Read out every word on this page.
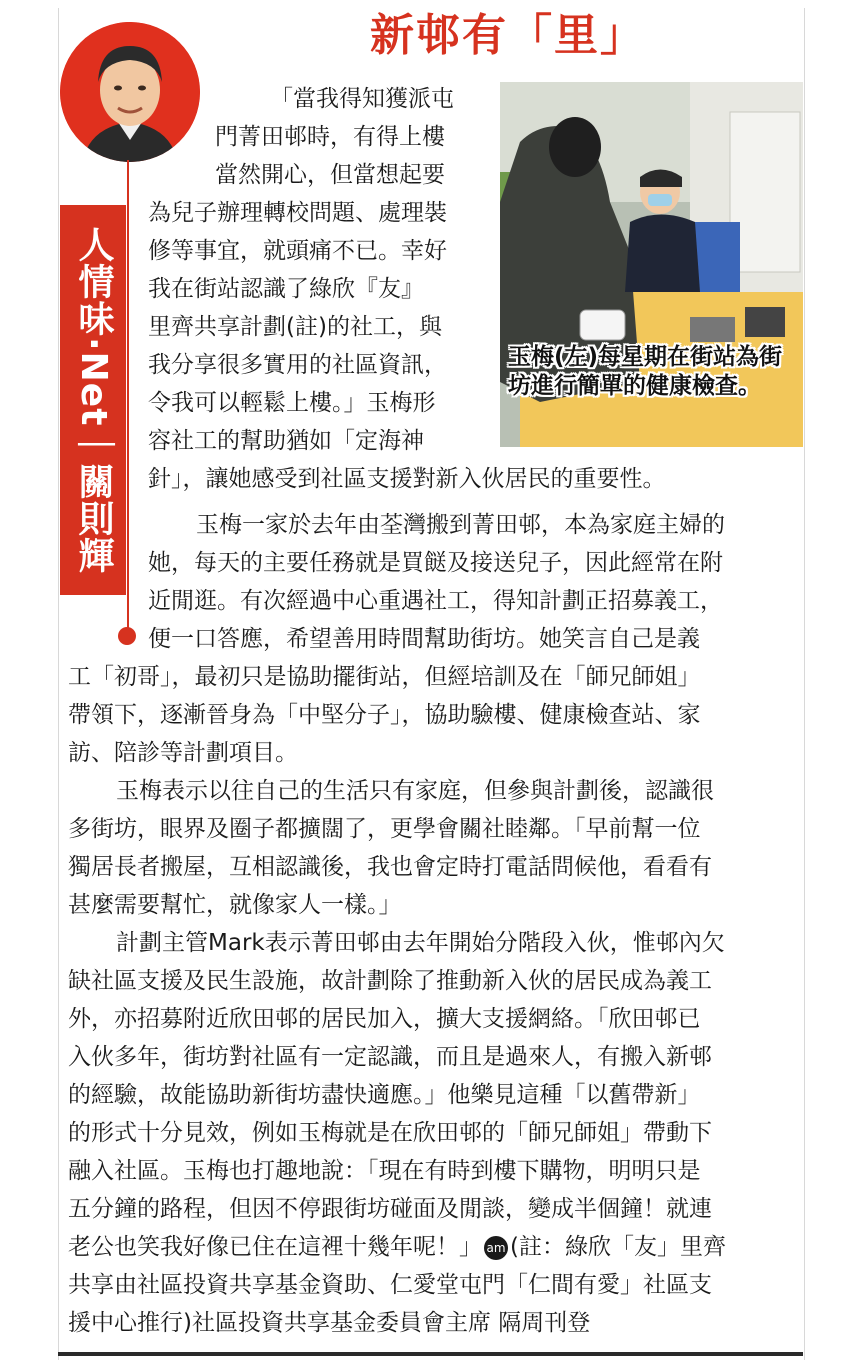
新邨有「里」
人情味·Net
｜
關則輝
玉梅(左)每星期在街站為街坊進行簡單的健康檢查。
「當我得知獲派屯
門菁田邨時，有得上樓
當然開心，但當想起要
為兒子辦理轉校問題、處理裝
修等事宜，就頭痛不已。幸好
我在街站認識了綠欣『友』
里齊共享計劃(註)的社工，與
我分享很多實用的社區資訊，
令我可以輕鬆上樓。」玉梅形
容社工的幫助猶如「定海神
針」，讓她感受到社區支援對新入伙居民的重要性。
玉梅一家於去年由荃灣搬到菁田邨，本為家庭主婦的
她，每天的主要任務就是買餸及接送兒子，因此經常在附
近閒逛。有次經過中心重遇社工，得知計劃正招募義工，
便一口答應，希望善用時間幫助街坊。她笑言自己是義
工「初哥」，最初只是協助擺街站，但經培訓及在「師兄師姐」
帶領下，逐漸晉身為「中堅分子」，協助驗樓、健康檢查站、家
訪、陪診等計劃項目。
玉梅表示以往自己的生活只有家庭，但參與計劃後，認識很
多街坊，眼界及圈子都擴闊了，更學會關社睦鄰。「早前幫一位
獨居長者搬屋，互相認識後，我也會定時打電話問候他，看看有
甚麼需要幫忙，就像家人一樣。」
計劃主管Mark表示菁田邨由去年開始分階段入伙，惟邨內欠
缺社區支援及民生設施，故計劃除了推動新入伙的居民成為義工
外，亦招募附近欣田邨的居民加入，擴大支援網絡。「欣田邨已
入伙多年，街坊對社區有一定認識，而且是過來人，有搬入新邨
的經驗，故能協助新街坊盡快適應。」他樂見這種「以舊帶新」
的形式十分見效，例如玉梅就是在欣田邨的「師兄師姐」帶動下
融入社區。玉梅也打趣地說：「現在有時到樓下購物，明明只是
五分鐘的路程，但因不停跟街坊碰面及閒談，變成半個鐘！就連
老公也笑我好像已住在這裡十幾年呢！」 am (註：綠欣「友」里齊
共享由社區投資共享基金資助、仁愛堂屯門「仁間有愛」社區支
援中心推行)社區投資共享基金委員會主席 隔周刊登
